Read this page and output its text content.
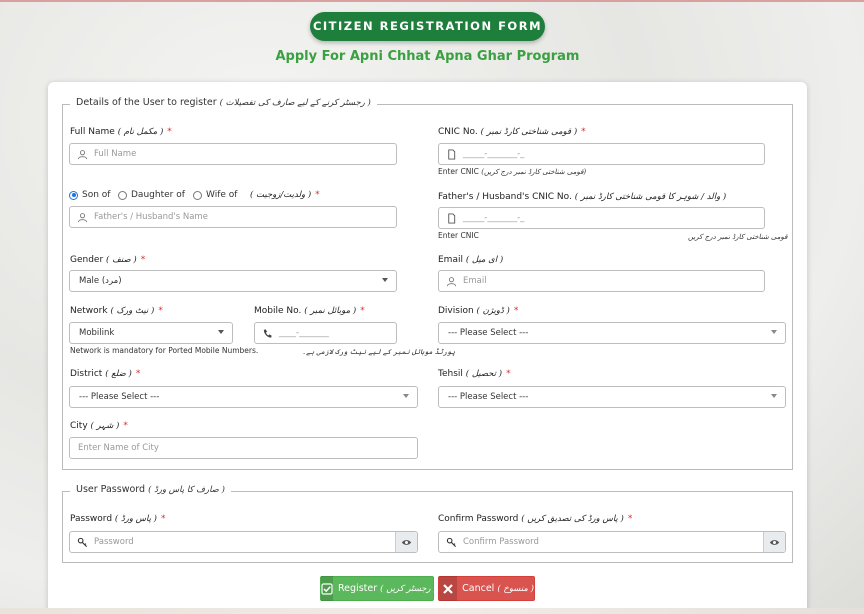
CITIZEN REGISTRATION FORM
Apply For Apni Chhat Apna Ghar Program
Details of the User to register ( رجسٹر کرنے کے لیے صارف کی تفصیلات )
Full Name ( مکمل نام ) *
Full Name
CNIC No. ( قومی شناختی کارڈ نمبر ) *
_____-_______-_
Enter CNIC (قومی شناختی کارڈ نمبر درج کریں)
Son of Daughter of Wife of ( ولدیت/زوجیت ) *
Father's / Husband's Name
Father's / Husband's CNIC No. ( والد / شوہر کا قومی شناختی کارڈ نمبر )
_____-_______-_
Enter CNIC	قومی شناختی کارڈ نمبر درج کریں
Gender ( صنف ) *
Male (مرد)
Email ( ای میل )
Email
Network ( نیٹ ورک ) *
Mobilink
Network is mandatory for Ported Mobile Numbers.	پورٹڈ موبائل نمبر کے لیے نیٹ ورک لازمی ہے۔
Mobile No. ( موبائل نمبر ) *
____-_______
Division ( ڈویژن ) *
--- Please Select ---
District ( ضلع ) *
--- Please Select ---
Tehsil ( تحصیل ) *
--- Please Select ---
City ( شہر ) *
Enter Name of City
User Password ( صارف کا پاس ورڈ )
Password ( پاس ورڈ ) *
Password
Confirm Password ( پاس ورڈ کی تصدیق کریں ) *
Confirm Password
Register
( رجسٹر کریں )	Cancel
( منسوخ )
